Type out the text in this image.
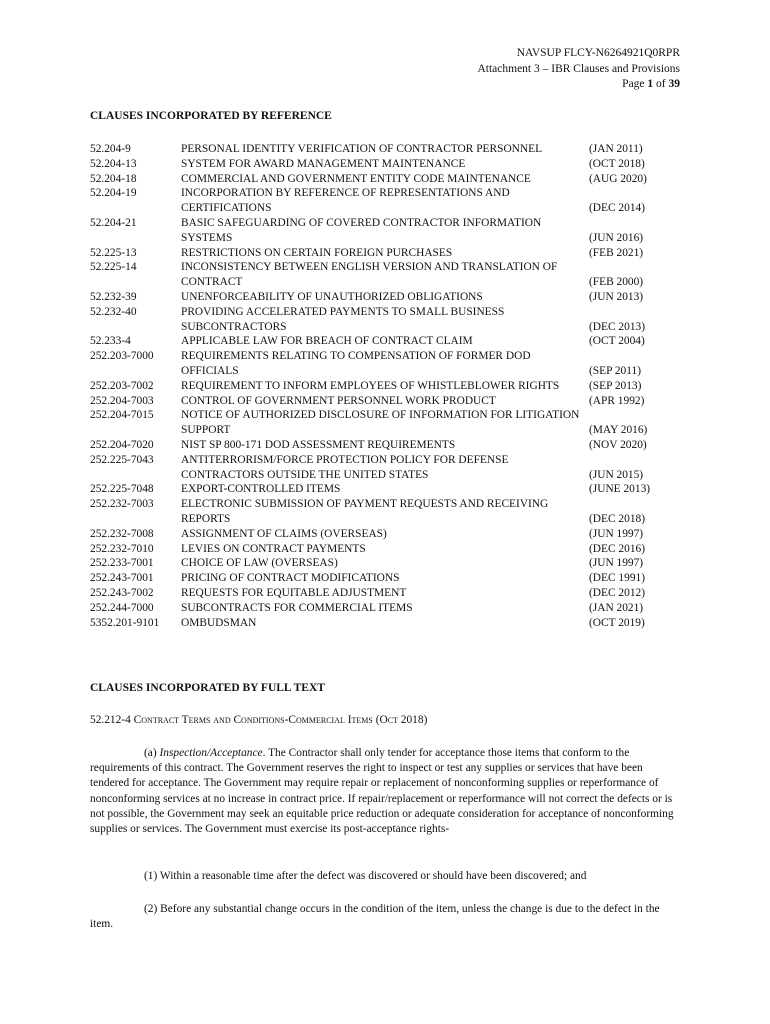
NAVSUP FLCY-N6264921Q0RPR
Attachment 3 – IBR Clauses and Provisions
Page 1 of 39
CLAUSES INCORPORATED BY REFERENCE
52.204-9	PERSONAL IDENTITY VERIFICATION OF CONTRACTOR PERSONNEL	(JAN 2011)
52.204-13	SYSTEM FOR AWARD MANAGEMENT MAINTENANCE	(OCT 2018)
52.204-18	COMMERCIAL AND GOVERNMENT ENTITY CODE MAINTENANCE	(AUG 2020)
52.204-19	INCORPORATION BY REFERENCE OF REPRESENTATIONS AND CERTIFICATIONS	(DEC 2014)
52.204-21	BASIC SAFEGUARDING OF COVERED CONTRACTOR INFORMATION SYSTEMS	(JUN 2016)
52.225-13	RESTRICTIONS ON CERTAIN FOREIGN PURCHASES	(FEB 2021)
52.225-14	INCONSISTENCY BETWEEN ENGLISH VERSION AND TRANSLATION OF CONTRACT	(FEB 2000)
52.232-39	UNENFORCEABILITY OF UNAUTHORIZED OBLIGATIONS	(JUN 2013)
52.232-40	PROVIDING ACCELERATED PAYMENTS TO SMALL BUSINESS SUBCONTRACTORS	(DEC 2013)
52.233-4	APPLICABLE LAW FOR BREACH OF CONTRACT CLAIM	(OCT 2004)
252.203-7000 REQUIREMENTS RELATING TO COMPENSATION OF FORMER DOD OFFICIALS	(SEP 2011)
252.203-7002 REQUIREMENT TO INFORM EMPLOYEES OF WHISTLEBLOWER RIGHTS	(SEP 2013)
252.204-7003 CONTROL OF GOVERNMENT PERSONNEL WORK PRODUCT	(APR 1992)
252.204-7015 NOTICE OF AUTHORIZED DISCLOSURE OF INFORMATION FOR LITIGATION SUPPORT	(MAY 2016)
252.204-7020 NIST SP 800-171 DOD ASSESSMENT REQUIREMENTS	(NOV 2020)
252.225-7043 ANTITERRORISM/FORCE PROTECTION POLICY FOR DEFENSE CONTRACTORS OUTSIDE THE UNITED STATES	(JUN 2015)
252.225-7048 EXPORT-CONTROLLED ITEMS	(JUNE 2013)
252.232-7003 ELECTRONIC SUBMISSION OF PAYMENT REQUESTS AND RECEIVING REPORTS	(DEC 2018)
252.232-7008 ASSIGNMENT OF CLAIMS (OVERSEAS)	(JUN 1997)
252.232-7010 LEVIES ON CONTRACT PAYMENTS	(DEC 2016)
252.233-7001 CHOICE OF LAW (OVERSEAS)	(JUN 1997)
252.243-7001 PRICING OF CONTRACT MODIFICATIONS	(DEC 1991)
252.243-7002 REQUESTS FOR EQUITABLE ADJUSTMENT	(DEC 2012)
252.244-7000 SUBCONTRACTS FOR COMMERCIAL ITEMS	(JAN 2021)
5352.201-9101 OMBUDSMAN	(OCT 2019)
CLAUSES INCORPORATED BY FULL TEXT
52.212-4 Contract Terms and Conditions-Commercial Items (Oct 2018)
(a) Inspection/Acceptance. The Contractor shall only tender for acceptance those items that conform to the requirements of this contract. The Government reserves the right to inspect or test any supplies or services that have been tendered for acceptance. The Government may require repair or replacement of nonconforming supplies or reperformance of nonconforming services at no increase in contract price. If repair/replacement or reperformance will not correct the defects or is not possible, the Government may seek an equitable price reduction or adequate consideration for acceptance of nonconforming supplies or services. The Government must exercise its post-acceptance rights-
(1) Within a reasonable time after the defect was discovered or should have been discovered; and
(2) Before any substantial change occurs in the condition of the item, unless the change is due to the defect in the item.
